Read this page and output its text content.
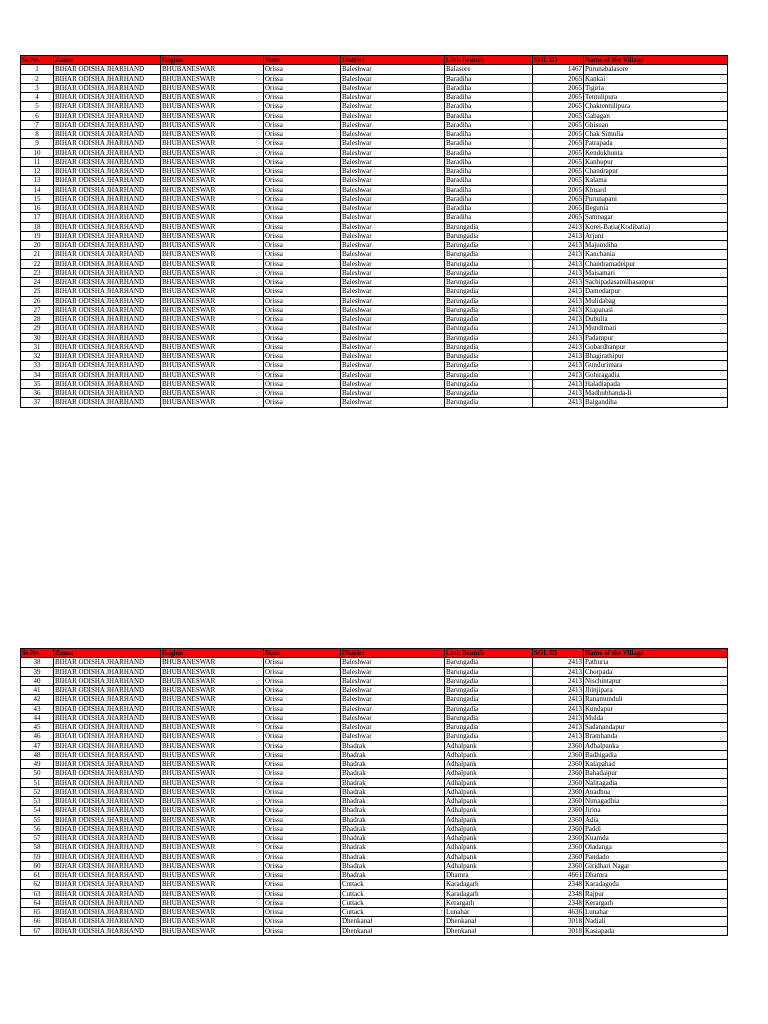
Sr.No.	Zones	Region	State	District	Link Branch	SOL ID	Name of the Village
1	BIHAR ODISHA JHARHAND	BHUBANESWAR	Orissa	Baleshwar	Balasore	1467	Purunabalasore
2	BIHAR ODISHA JHARHAND	BHUBANESWAR	Orissa	Baleshwar	Baradiha	2065	Kankai
3	BIHAR ODISHA JHARHAND	BHUBANESWAR	Orissa	Baleshwar	Baradiha	2065	Tigiria
4	BIHAR ODISHA JHARHAND	BHUBANESWAR	Orissa	Baleshwar	Baradiha	2065	Tentulipura
5	BIHAR ODISHA JHARHAND	BHUBANESWAR	Orissa	Baleshwar	Baradiha	2065	Chaktentulipura
6	BIHAR ODISHA JHARHAND	BHUBANESWAR	Orissa	Baleshwar	Baradiha	2065	Gabagan
7	BIHAR ODISHA JHARHAND	BHUBANESWAR	Orissa	Baleshwar	Baradiha	2065	Ghisuan
8	BIHAR ODISHA JHARHAND	BHUBANESWAR	Orissa	Baleshwar	Baradiha	2065	Chak Simulia
9	BIHAR ODISHA JHARHAND	BHUBANESWAR	Orissa	Baleshwar	Baradiha	2065	Patrapada
10	BIHAR ODISHA JHARHAND	BHUBANESWAR	Orissa	Baleshwar	Baradiha	2065	Kendukhunta
11	BIHAR ODISHA JHARHAND	BHUBANESWAR	Orissa	Baleshwar	Baradiha	2065	Kanhupur
12	BIHAR ODISHA JHARHAND	BHUBANESWAR	Orissa	Baleshwar	Baradiha	2065	Chandrapur
13	BIHAR ODISHA JHARHAND	BHUBANESWAR	Orissa	Baleshwar	Baradiha	2065	Kalama
14	BIHAR ODISHA JHARHAND	BHUBANESWAR	Orissa	Baleshwar	Baradiha	2065	Khuard
15	BIHAR ODISHA JHARHAND	BHUBANESWAR	Orissa	Baleshwar	Baradiha	2065	Purunapani
16	BIHAR ODISHA JHARHAND	BHUBANESWAR	Orissa	Baleshwar	Baradiha	2065	Begunia
17	BIHAR ODISHA JHARHAND	BHUBANESWAR	Orissa	Baleshwar	Baradiha	2065	Samnagar
18	BIHAR ODISHA JHARHAND	BHUBANESWAR	Orissa	Baleshwar	Barungadia	2413	Korei-Batia(Kodibatia)
19	BIHAR ODISHA JHARHAND	BHUBANESWAR	Orissa	Baleshwar	Barungadia	2413	Arjuni
20	BIHAR ODISHA JHARHAND	BHUBANESWAR	Orissa	Baleshwar	Barungadia	2413	Majumdiha
21	BIHAR ODISHA JHARHAND	BHUBANESWAR	Orissa	Baleshwar	Barungadia	2413	Kanchania
22	BIHAR ODISHA JHARHAND	BHUBANESWAR	Orissa	Baleshwar	Barungadia	2413	Chandramadeipur
23	BIHAR ODISHA JHARHAND	BHUBANESWAR	Orissa	Baleshwar	Barungadia	2413	Maisamari
24	BIHAR ODISHA JHARHAND	BHUBANESWAR	Orissa	Baleshwar	Barungadia	2413	Sachipadasamilhasanpur
25	BIHAR ODISHA JHARHAND	BHUBANESWAR	Orissa	Baleshwar	Barungadia	2413	Damodarpur
26	BIHAR ODISHA JHARHAND	BHUBANESWAR	Orissa	Baleshwar	Barungadia	2413	Mulidabag
27	BIHAR ODISHA JHARHAND	BHUBANESWAR	Orissa	Baleshwar	Barungadia	2413	Kiapanasi
28	BIHAR ODISHA JHARHAND	BHUBANESWAR	Orissa	Baleshwar	Barungadia	2413	Dubulia
29	BIHAR ODISHA JHARHAND	BHUBANESWAR	Orissa	Baleshwar	Barungadia	2413	Mundimari
30	BIHAR ODISHA JHARHAND	BHUBANESWAR	Orissa	Baleshwar	Barungadia	2413	Padampur
31	BIHAR ODISHA JHARHAND	BHUBANESWAR	Orissa	Baleshwar	Barungadia	2413	Gobardhanpur
32	BIHAR ODISHA JHARHAND	BHUBANESWAR	Orissa	Baleshwar	Barungadia	2413	Bhagirathipur
33	BIHAR ODISHA JHARHAND	BHUBANESWAR	Orissa	Baleshwar	Barungadia	2413	Gundurimara
34	BIHAR ODISHA JHARHAND	BHUBANESWAR	Orissa	Baleshwar	Barungadia	2413	Gohiragadia
35	BIHAR ODISHA JHARHAND	BHUBANESWAR	Orissa	Baleshwar	Barungadia	2413	Haladiapada
36	BIHAR ODISHA JHARHAND	BHUBANESWAR	Orissa	Baleshwar	Barungadia	2413	Madhubhanda-Ii
37	BIHAR ODISHA JHARHAND	BHUBANESWAR	Orissa	Baleshwar	Barungadia	2413	Baigandiha
Sr.No.	Zones	Region	State	District	Link Branch	SOL ID	Name of the Village
38	BIHAR ODISHA JHARHAND	BHUBANESWAR	Orissa	Baleshwar	Barungadia	2413	Pathuria
39	BIHAR ODISHA JHARHAND	BHUBANESWAR	Orissa	Baleshwar	Barungadia	2413	Chorpada
40	BIHAR ODISHA JHARHAND	BHUBANESWAR	Orissa	Baleshwar	Barungadia	2413	Nischintapur
41	BIHAR ODISHA JHARHAND	BHUBANESWAR	Orissa	Baleshwar	Barungadia	2413	Jhinjipara
42	BIHAR ODISHA JHARHAND	BHUBANESWAR	Orissa	Baleshwar	Barungadia	2413	Ranamunduli
43	BIHAR ODISHA JHARHAND	BHUBANESWAR	Orissa	Baleshwar	Barungadia	2413	Kundapur
44	BIHAR ODISHA JHARHAND	BHUBANESWAR	Orissa	Baleshwar	Barungadia	2413	Mulda
45	BIHAR ODISHA JHARHAND	BHUBANESWAR	Orissa	Baleshwar	Barungadia	2413	Sadanandapur
46	BIHAR ODISHA JHARHAND	BHUBANESWAR	Orissa	Baleshwar	Barungadia	2413	Bramhanda
47	BIHAR ODISHA JHARHAND	BHUBANESWAR	Orissa	Bhadrak	Adhalpank	2360	Adhalpanka
48	BIHAR ODISHA JHARHAND	BHUBANESWAR	Orissa	Bhadrak	Adhalpank	2360	Badhigadia
49	BIHAR ODISHA JHARHAND	BHUBANESWAR	Orissa	Bhadrak	Adhalpank	2360	Kalapahad
50	BIHAR ODISHA JHARHAND	BHUBANESWAR	Orissa	Bhadrak	Adhalpank	2360	Bahadaipur
51	BIHAR ODISHA JHARHAND	BHUBANESWAR	Orissa	Bhadrak	Adhalpank	2360	Nalitagadia
52	BIHAR ODISHA JHARHAND	BHUBANESWAR	Orissa	Bhadrak	Adhalpank	2360	Anadhua
53	BIHAR ODISHA JHARHAND	BHUBANESWAR	Orissa	Bhadrak	Adhalpank	2360	Nimagadhia
54	BIHAR ODISHA JHARHAND	BHUBANESWAR	Orissa	Bhadrak	Adhalpank	2360	Jirina
55	BIHAR ODISHA JHARHAND	BHUBANESWAR	Orissa	Bhadrak	Adhalpank	2360	Adia
56	BIHAR ODISHA JHARHAND	BHUBANESWAR	Orissa	Bhadrak	Adhalpank	2360	Paddi
57	BIHAR ODISHA JHARHAND	BHUBANESWAR	Orissa	Bhadrak	Adhalpank	2360	Kuamda
58	BIHAR ODISHA JHARHAND	BHUBANESWAR	Orissa	Bhadrak	Adhalpank	2360	Oladanga
59	BIHAR ODISHA JHARHAND	BHUBANESWAR	Orissa	Bhadrak	Adhalpank	2360	Pandado
60	BIHAR ODISHA JHARHAND	BHUBANESWAR	Orissa	Bhadrak	Adhalpank	2360	Giridhari Nagar
61	BIHAR ODISHA JHARHAND	BHUBANESWAR	Orissa	Bhadrak	Dhamra	4661	Dhamra
62	BIHAR ODISHA JHARHAND	BHUBANESWAR	Orissa	Cuttack	Karadagarh	2348	Karadagoda
63	BIHAR ODISHA JHARHAND	BHUBANESWAR	Orissa	Cuttack	Karadagarh	2348	Rajpur
64	BIHAR ODISHA JHARHAND	BHUBANESWAR	Orissa	Cuttack	Kerargarh	2348	Kerargarh
65	BIHAR ODISHA JHARHAND	BHUBANESWAR	Orissa	Cuttack	Lunahar	4636	Lunahar
66	BIHAR ODISHA JHARHAND	BHUBANESWAR	Orissa	Dhenkanal	Dhenkanal	3018	Nadiali
67	BIHAR ODISHA JHARHAND	BHUBANESWAR	Orissa	Dhenkanal	Dhenkanal	3018	Kasiapada
